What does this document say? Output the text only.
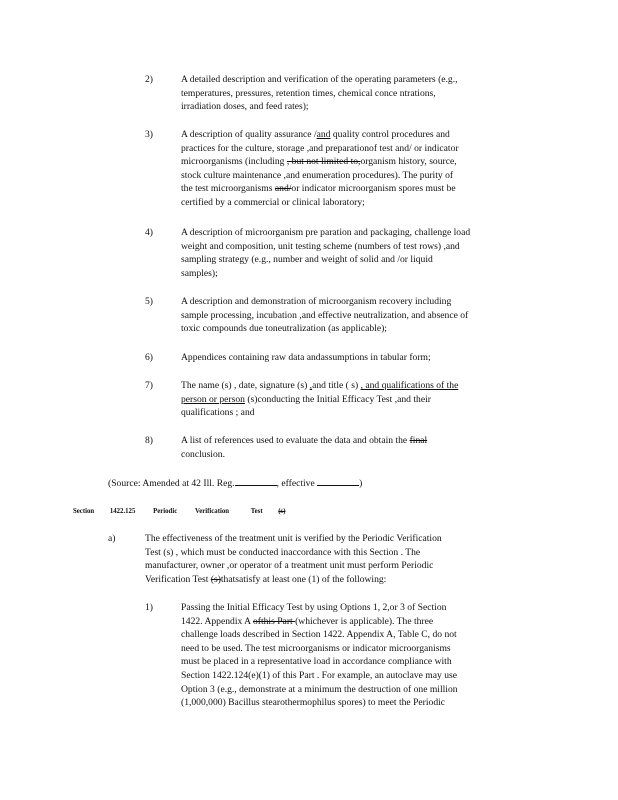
2)	A detailed description and verification of the operating parameters (e.g.,
temperatures, pressures, retention times, chemical conce ntrations,
irradiation doses, and feed rates);
3)	A description of quality assurance /and quality control procedures and
practices for the culture, storage ,and preparationof test and/ or indicator
microorganisms (including , but not limited to,organism history, source,
stock culture maintenance ,and enumeration procedures). The purity of
the test microorganisms and/or indicator microorganism spores must be
certified by a commercial or clinical laboratory;
4)	A description of microorganism pre paration and packaging, challenge load
weight and composition, unit testing scheme (numbers of test rows) ,and
sampling strategy (e.g., number and weight of solid and /or liquid
samples);
5)	A description and demonstration of microorganism recovery including
sample processing, incubation ,and effective neutralization, and absence of
toxic compounds due toneutralization (as applicable);
6)	Appendices containing raw data andassumptions in tabular form;
7)	The name (s) , date, signature (s) ,and title ( s) , and qualifications of the
person or person (s)conducting the Initial Efficacy Test ,and their
qualifications ; and
8)	A list of references used to evaluate the data and obtain the final
conclusion.
(Source: Amended at 42 Ill. Reg.	, effective	)
Section 1422.125	Periodic	Verification	Test (s)
a)	The effectiveness of the treatment unit is verified by the Periodic Verification
Test (s) , which must be conducted inaccordance with this Section . The
manufacturer, owner ,or operator of a treatment unit must perform Periodic
Verification Test (s)thatsatisfy at least one (1) of the following:
1)	Passing the Initial Efficacy Test by using Options 1, 2,or 3 of Section
1422. Appendix A ofthis Part (whichever is applicable). The three
challenge loads described in Section 1422. Appendix A, Table C, do not
need to be used. The test microorganisms or indicator microorganisms
must be placed in a representative load in accordance compliance with
Section 1422.124(e)(1) of this Part . For example, an autoclave may use
Option 3 (e.g., demonstrate at a minimum the destruction of one million
(1,000,000) Bacillus stearothermophilus spores) to meet the Periodic
